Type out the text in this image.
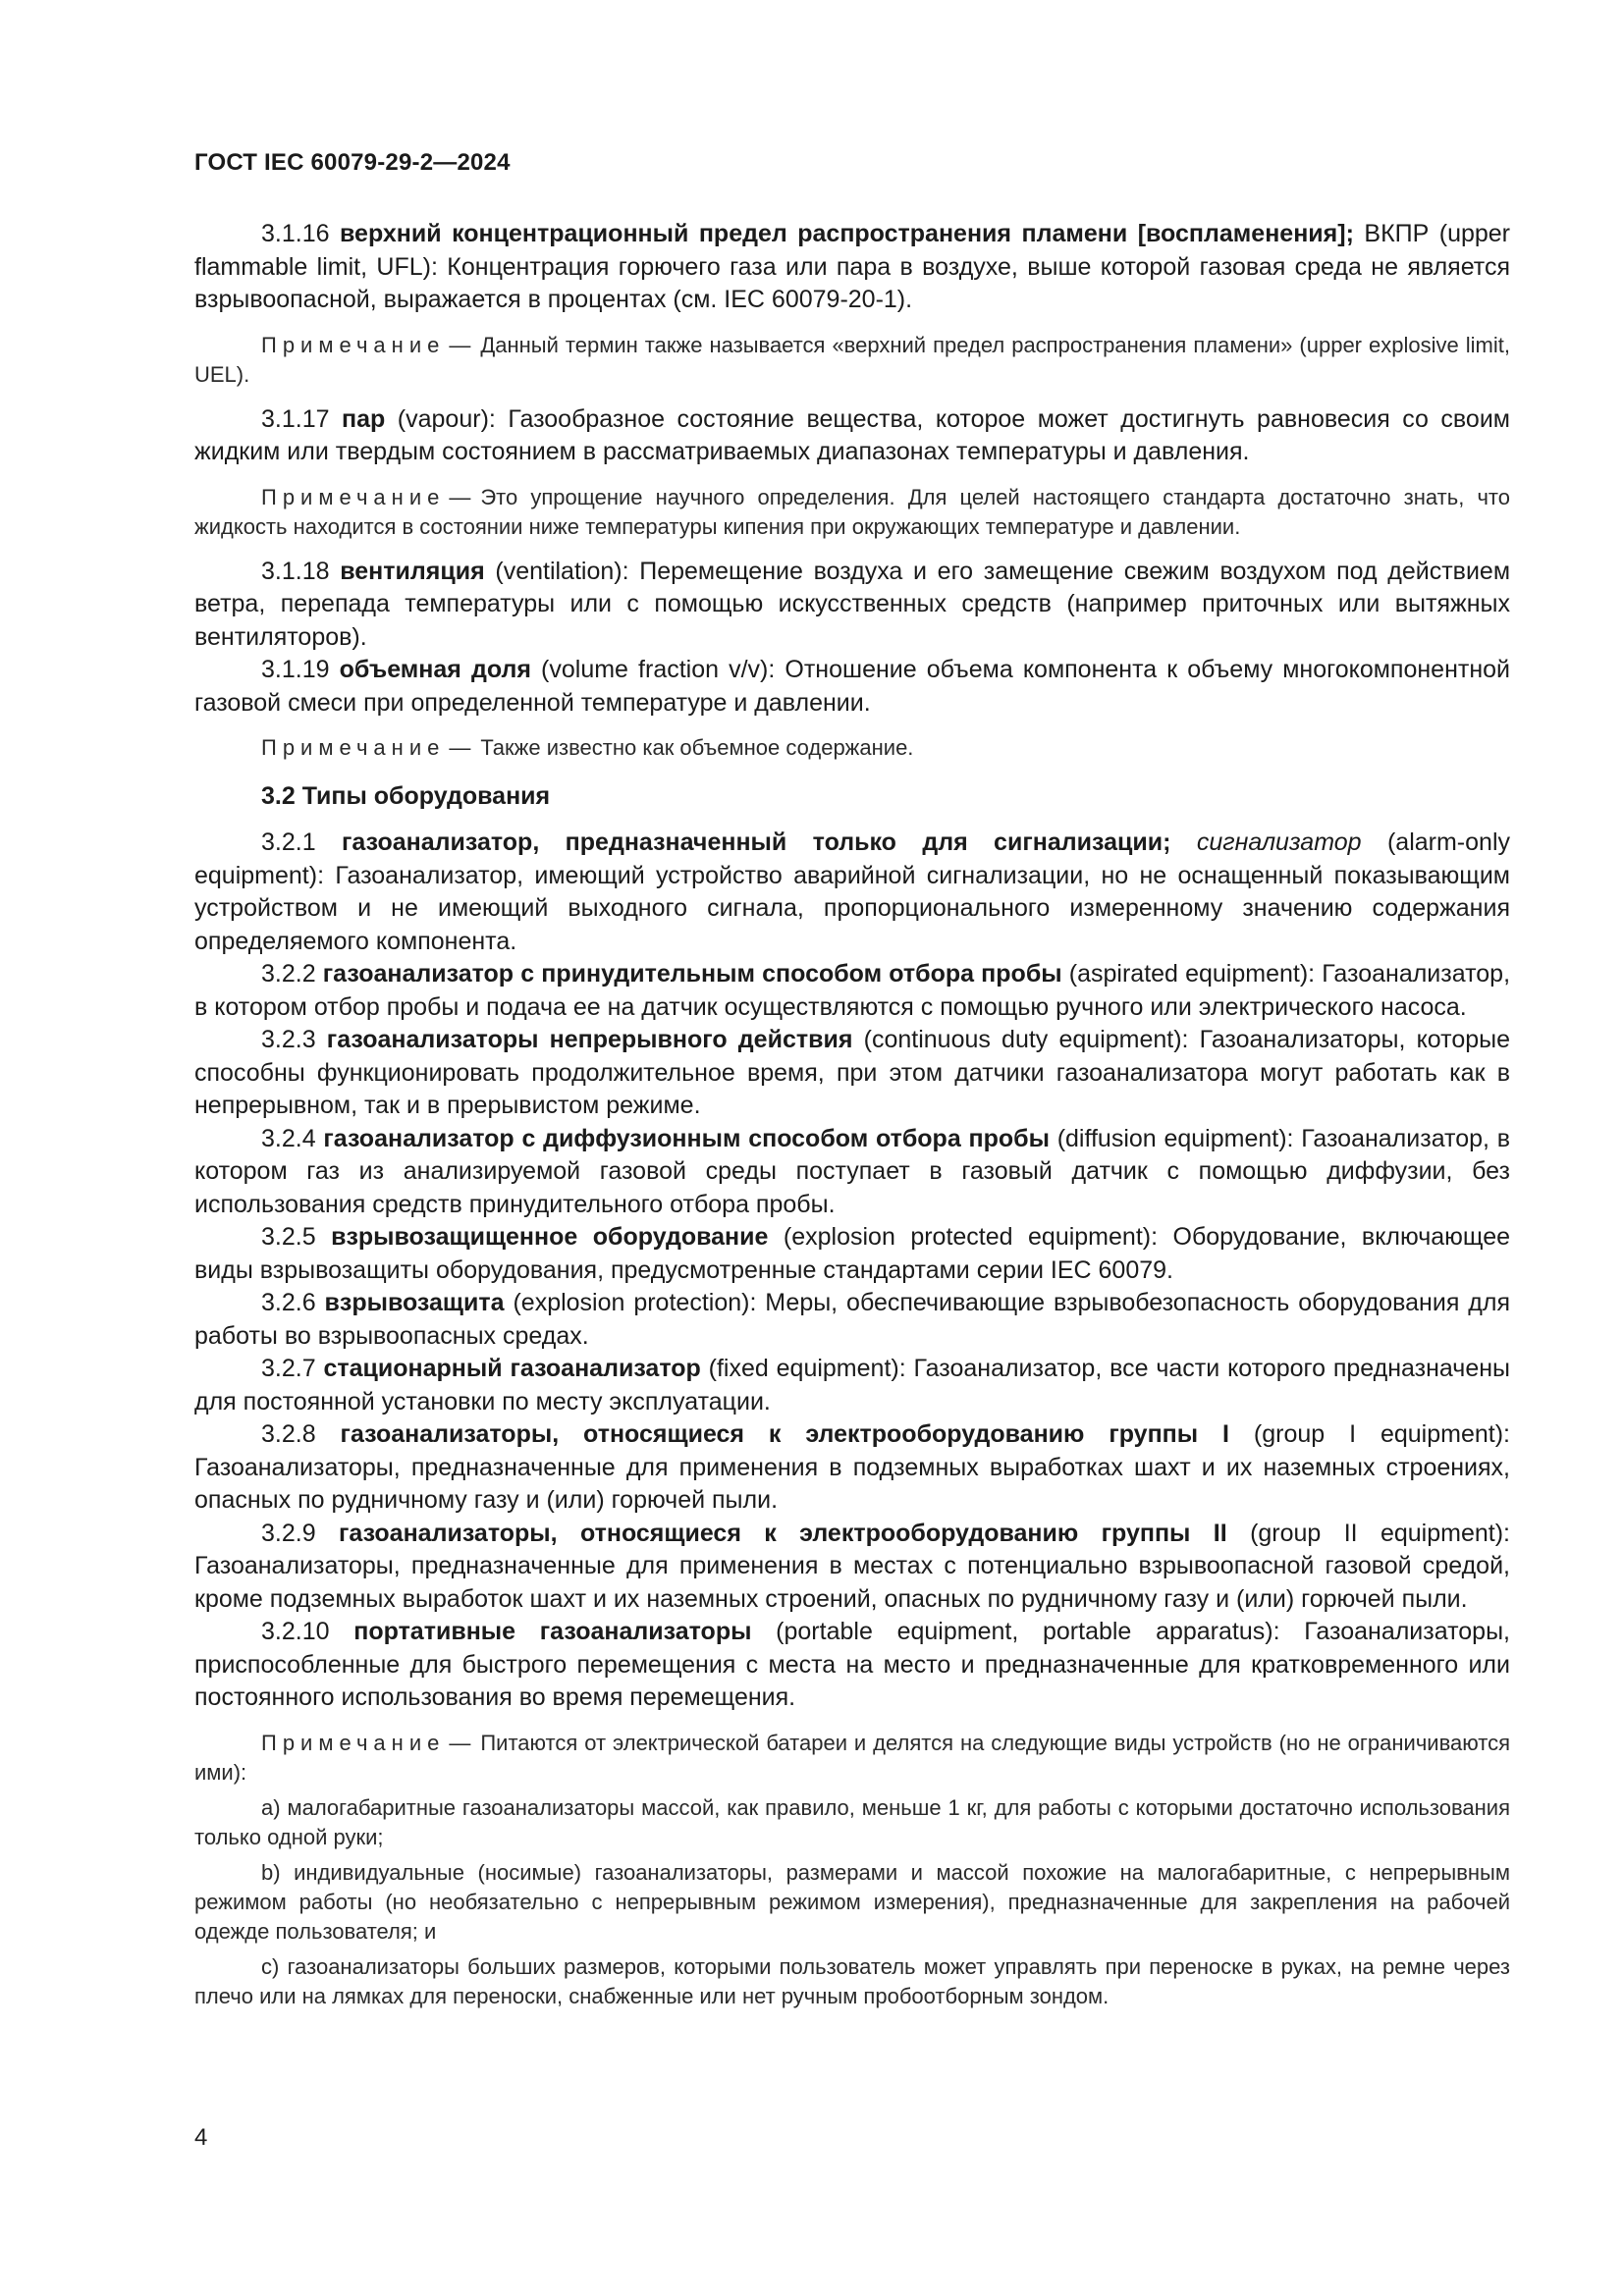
ГОСТ IEC 60079-29-2—2024

3.1.16 верхний концентрационный предел распространения пламени [воспламенения]; ВКПР (upper flammable limit, UFL): Концентрация горючего газа или пара в воздухе, выше которой газовая среда не является взрывоопасной, выражается в процентах (см. IEC 60079-20-1).

Примечание — Данный термин также называется «верхний предел распространения пламени» (upper explosive limit, UEL).

3.1.17 пар (vapour): Газообразное состояние вещества, которое может достигнуть равновесия со своим жидким или твердым состоянием в рассматриваемых диапазонах температуры и давления.

Примечание — Это упрощение научного определения. Для целей настоящего стандарта достаточно знать, что жидкость находится в состоянии ниже температуры кипения при окружающих температуре и давлении.

3.1.18 вентиляция (ventilation): Перемещение воздуха и его замещение свежим воздухом под действием ветра, перепада температуры или с помощью искусственных средств (например приточных или вытяжных вентиляторов).

3.1.19 объемная доля (volume fraction v/v): Отношение объема компонента к объему многокомпонентной газовой смеси при определенной температуре и давлении.

Примечание — Также известно как объемное содержание.

3.2 Типы оборудования

3.2.1 газоанализатор, предназначенный только для сигнализации; сигнализатор (alarm-only equipment): Газоанализатор, имеющий устройство аварийной сигнализации, но не оснащенный показывающим устройством и не имеющий выходного сигнала, пропорционального измеренному значению содержания определяемого компонента.

3.2.2 газоанализатор с принудительным способом отбора пробы (aspirated equipment): Газоанализатор, в котором отбор пробы и подача ее на датчик осуществляются с помощью ручного или электрического насоса.

3.2.3 газоанализаторы непрерывного действия (continuous duty equipment): Газоанализаторы, которые способны функционировать продолжительное время, при этом датчики газоанализатора могут работать как в непрерывном, так и в прерывистом режиме.

3.2.4 газоанализатор с диффузионным способом отбора пробы (diffusion equipment): Газоанализатор, в котором газ из анализируемой газовой среды поступает в газовый датчик с помощью диффузии, без использования средств принудительного отбора пробы.

3.2.5 взрывозащищенное оборудование (explosion protected equipment): Оборудование, включающее виды взрывозащиты оборудования, предусмотренные стандартами серии IEC 60079.

3.2.6 взрывозащита (explosion protection): Меры, обеспечивающие взрывобезопасность оборудования для работы во взрывоопасных средах.

3.2.7 стационарный газоанализатор (fixed equipment): Газоанализатор, все части которого предназначены для постоянной установки по месту эксплуатации.

3.2.8 газоанализаторы, относящиеся к электрооборудованию группы I (group I equipment): Газоанализаторы, предназначенные для применения в подземных выработках шахт и их наземных строениях, опасных по рудничному газу и (или) горючей пыли.

3.2.9 газоанализаторы, относящиеся к электрооборудованию группы II (group II equipment): Газоанализаторы, предназначенные для применения в местах с потенциально взрывоопасной газовой средой, кроме подземных выработок шахт и их наземных строений, опасных по рудничному газу и (или) горючей пыли.

3.2.10 портативные газоанализаторы (portable equipment, portable apparatus): Газоанализаторы, приспособленные для быстрого перемещения с места на место и предназначенные для кратковременного или постоянного использования во время перемещения.

Примечание — Питаются от электрической батареи и делятся на следующие виды устройств (но не ограничиваются ими):

a) малогабаритные газоанализаторы массой, как правило, меньше 1 кг, для работы с которыми достаточно использования только одной руки;

b) индивидуальные (носимые) газоанализаторы, размерами и массой похожие на малогабаритные, с непрерывным режимом работы (но необязательно с непрерывным режимом измерения), предназначенные для закрепления на рабочей одежде пользователя; и

c) газоанализаторы больших размеров, которыми пользователь может управлять при переноске в руках, на ремне через плечо или на лямках для переноски, снабженные или нет ручным пробоотборным зондом.

4
